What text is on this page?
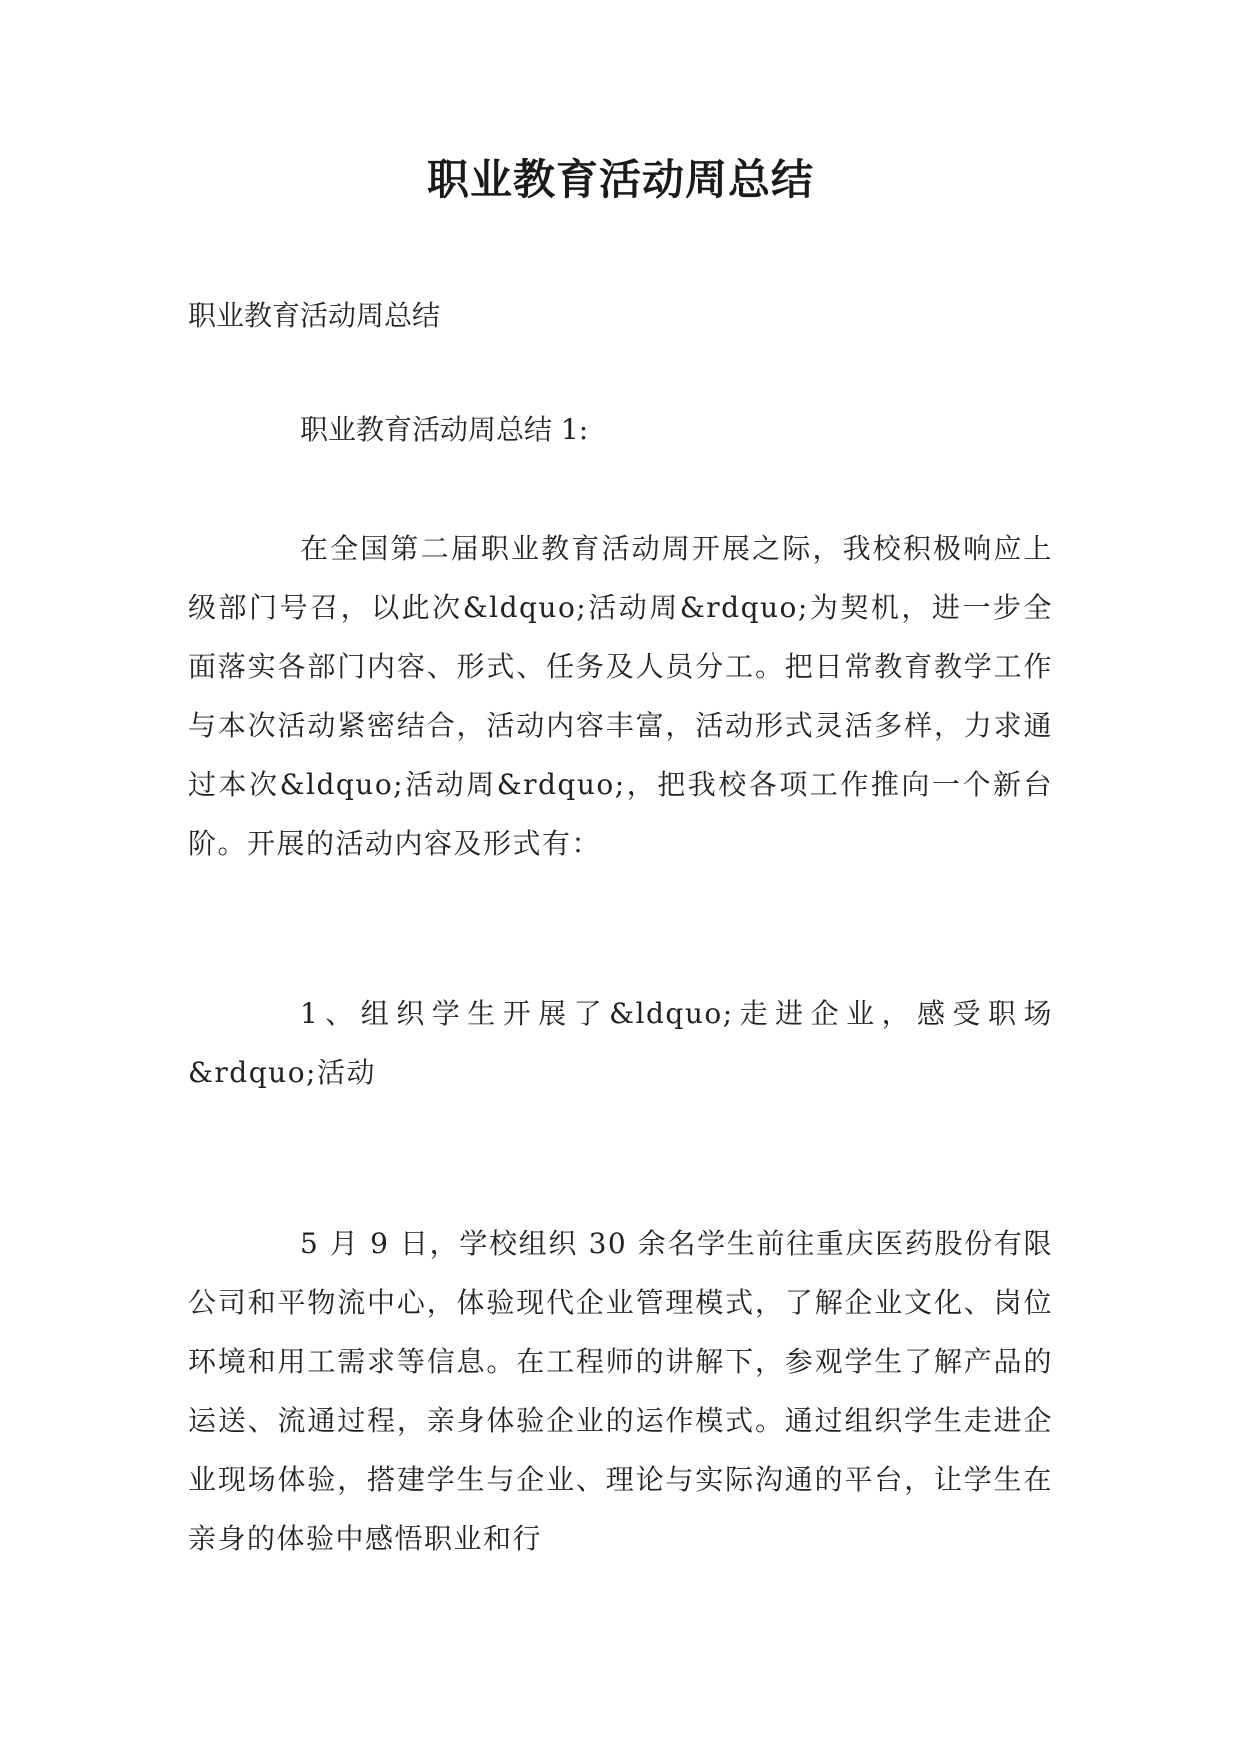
职业教育活动周总结

职业教育活动周总结

职业教育活动周总结 1:

在全国第二届职业教育活动周开展之际，我校积极响应上级部门号召，以此次&ldquo;活动周&rdquo;为契机，进一步全面落实各部门内容、形式、任务及人员分工。把日常教育教学工作与本次活动紧密结合，活动内容丰富，活动形式灵活多样，力求通过本次&ldquo;活动周&rdquo;，把我校各项工作推向一个新台阶。开展的活动内容及形式有：

1、组织学生开展了&ldquo;走进企业，感受职场&rdquo;活动

5 月 9 日，学校组织 30 余名学生前往重庆医药股份有限公司和平物流中心，体验现代企业管理模式，了解企业文化、岗位环境和用工需求等信息。在工程师的讲解下，参观学生了解产品的运送、流通过程，亲身体验企业的运作模式。通过组织学生走进企业现场体验，搭建学生与企业、理论与实际沟通的平台，让学生在亲身的体验中感悟职业和行
